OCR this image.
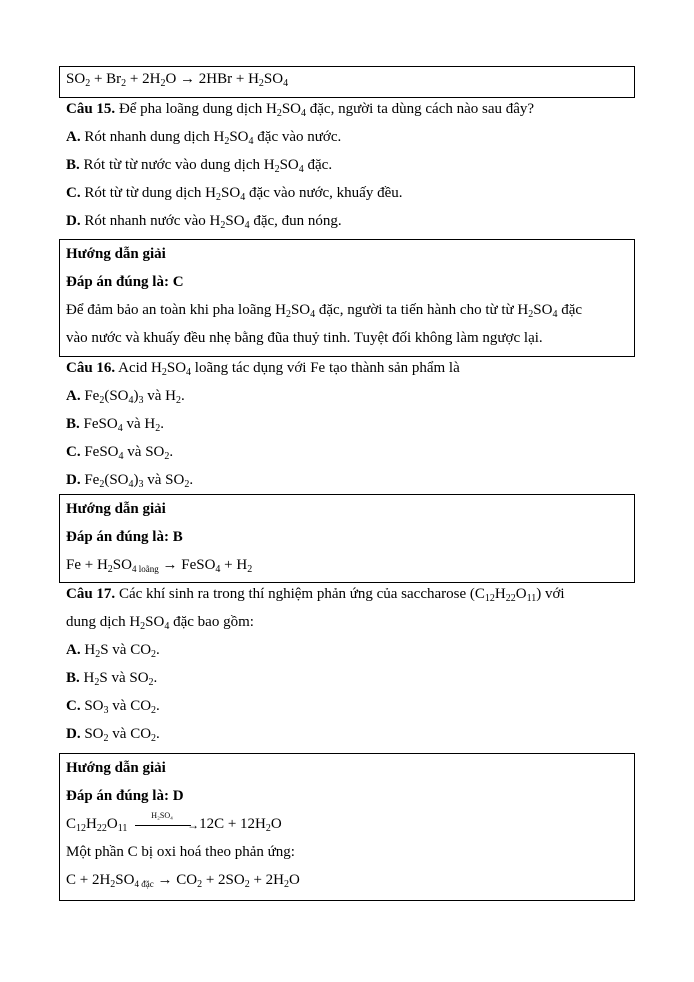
$SO_2 + Br_2 + 2H_2O \to 2HBr + H_2SO_4$
Câu 15. Để pha loãng dung dịch $H_2SO_4$ đặc, người ta dùng cách nào sau đây?
A. Rót nhanh dung dịch $H_2SO_4$ đặc vào nước.
B. Rót từ từ nước vào dung dịch $H_2SO_4$ đặc.
C. Rót từ từ dung dịch $H_2SO_4$ đặc vào nước, khuấy đều.
D. Rót nhanh nước vào $H_2SO_4$ đặc, đun nóng.
Hướng dẫn giải
Đáp án đúng là: C
Để đảm bảo an toàn khi pha loãng $H_2SO_4$ đặc, người ta tiến hành cho từ từ $H_2SO_4$ đặc
vào nước và khuấy đều nhẹ bằng đũa thuỷ tinh. Tuyệt đối không làm ngược lại.
Câu 16. Acid $H_2SO_4$ loãng tác dụng với Fe tạo thành sản phẩm là
A. $Fe_2(SO_4)_3$ và $H_2$.
B. FeSO$_4$ và $H_2$.
C. FeSO$_4$ và $SO_2$.
D. $Fe_2(SO_4)_3$ và $SO_2$.
Hướng dẫn giải
Đáp án đúng là: B
$Fe + H_2SO_{4 loãng}$ → FeSO$_4$ + $H_2$
Câu 17. Các khí sinh ra trong thí nghiệm phản ứng của saccharose $(C_{12}H_{22}O_{11})$ với
dung dịch $H_2SO_4$ đặc bao gồm:
A. $H_2S$ và $CO_2$.
B. $H_2S$ và $SO_2$.
C. $SO_3$ và $CO_2$.
D. $SO_2$ và $CO_2$.
Hướng dẫn giải
Đáp án đúng là: D
$C_{12}H_{22}O_{11}$
H₂SO₄
→ $12C + 12H_2O$
Một phần C bị oxi hoá theo phản ứng:
$C + 2H_2SO_{4 đặc} \to CO_2 + 2SO_2 + 2H_2O$
